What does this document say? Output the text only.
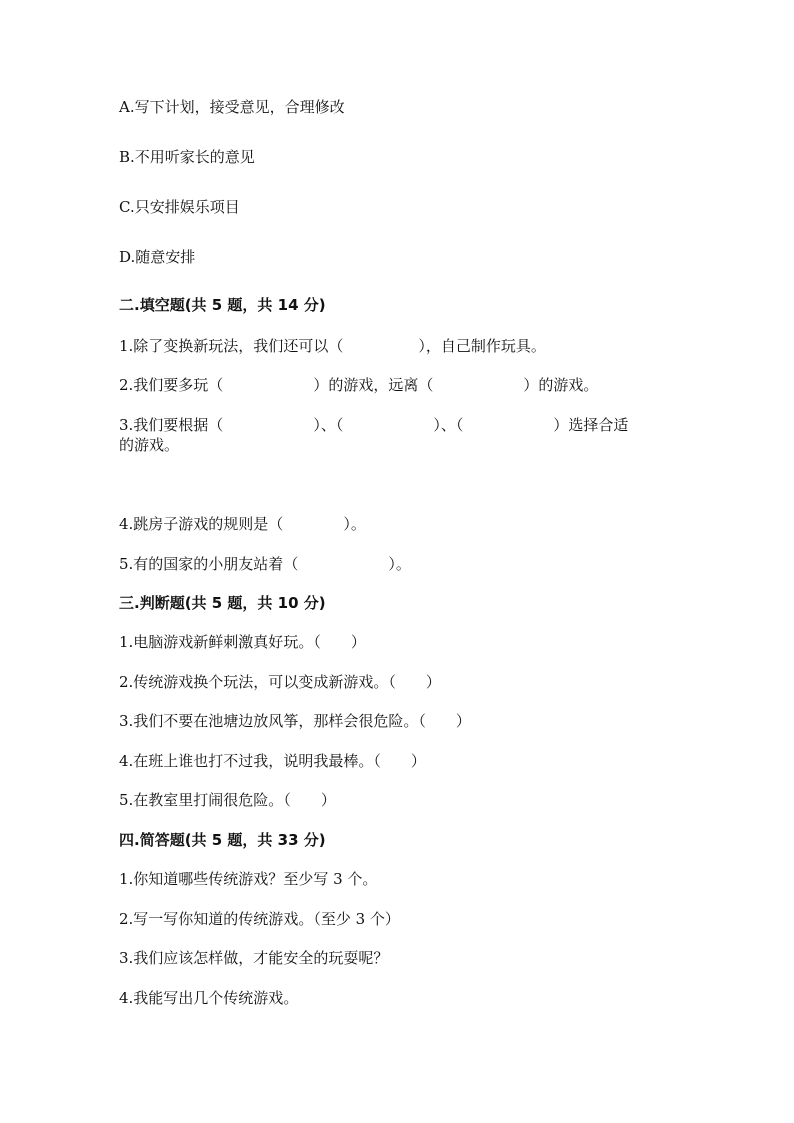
A.写下计划，接受意见，合理修改
B.不用听家长的意见
C.只安排娱乐项目
D.随意安排
二.填空题(共 5 题，共 14 分)
1.除了变换新玩法，我们还可以（　　　　　），自己制作玩具。
2.我们要多玩（　　　　　　）的游戏，远离（　　　　　　）的游戏。
3.我们要根据（　　　　　　）、（　　　　　　）、（　　　　　　）选择合适
的游戏。
4.跳房子游戏的规则是（　　　　）。
5.有的国家的小朋友站着（　　　　　　）。
三.判断题(共 5 题，共 10 分)
1.电脑游戏新鲜刺激真好玩。（　　）
2.传统游戏换个玩法，可以变成新游戏。（　　）
3.我们不要在池塘边放风筝，那样会很危险。（　　）
4.在班上谁也打不过我，说明我最棒。（　　）
5.在教室里打闹很危险。（　　）
四.简答题(共 5 题，共 33 分)
1.你知道哪些传统游戏？至少写 3 个。
2.写一写你知道的传统游戏。（至少 3 个）
3.我们应该怎样做，才能安全的玩耍呢？
4.我能写出几个传统游戏。
